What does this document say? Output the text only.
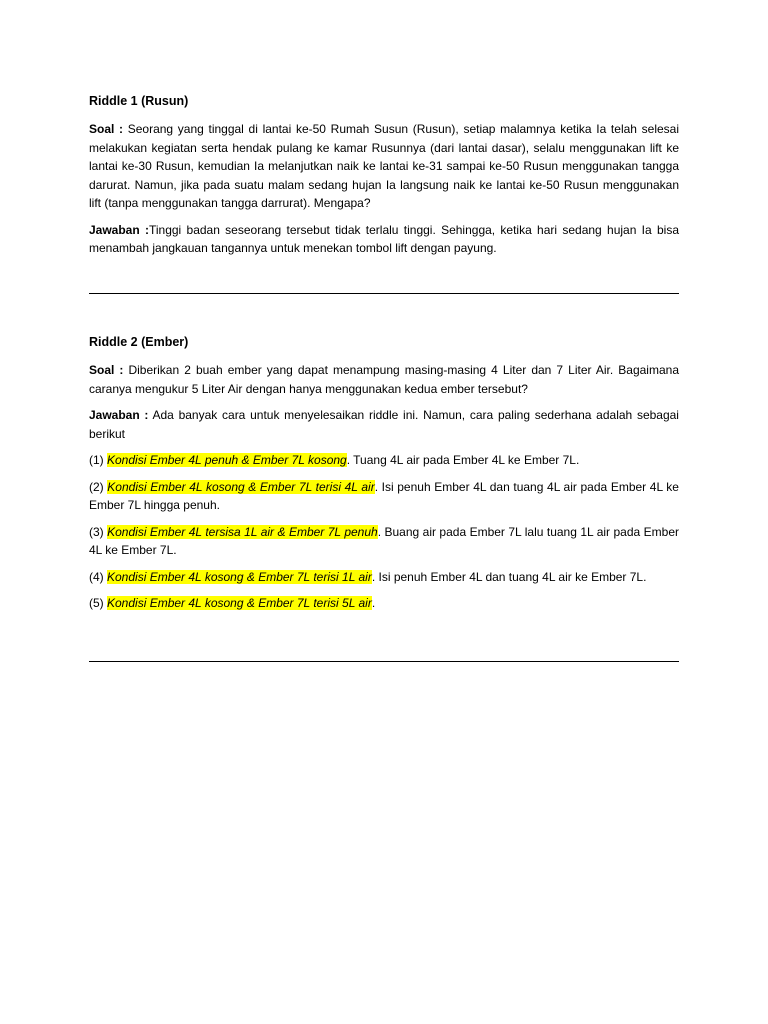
Riddle 1 (Rusun)

Soal : Seorang yang tinggal di lantai ke-50 Rumah Susun (Rusun), setiap malamnya ketika Ia telah selesai melakukan kegiatan serta hendak pulang ke kamar Rusunnya (dari lantai dasar), selalu menggunakan lift ke lantai ke-30 Rusun, kemudian Ia melanjutkan naik ke lantai ke-31 sampai ke-50 Rusun menggunakan tangga darurat. Namun, jika pada suatu malam sedang hujan Ia langsung naik ke lantai ke-50 Rusun menggunakan lift (tanpa menggunakan tangga darrurat). Mengapa?

Jawaban :Tinggi badan seseorang tersebut tidak terlalu tinggi. Sehingga, ketika hari sedang hujan Ia bisa menambah jangkauan tangannya untuk menekan tombol lift dengan payung.

Riddle 2 (Ember)

Soal : Diberikan 2 buah ember yang dapat menampung masing-masing 4 Liter dan 7 Liter Air. Bagaimana caranya mengukur 5 Liter Air dengan hanya menggunakan kedua ember tersebut?

Jawaban : Ada banyak cara untuk menyelesaikan riddle ini. Namun, cara paling sederhana adalah sebagai berikut

(1) Kondisi Ember 4L penuh & Ember 7L kosong. Tuang 4L air pada Ember 4L ke Ember 7L.

(2) Kondisi Ember 4L kosong & Ember 7L terisi 4L air. Isi penuh Ember 4L dan tuang 4L air pada Ember 4L ke Ember 7L hingga penuh.

(3) Kondisi Ember 4L tersisa 1L air & Ember 7L penuh. Buang air pada Ember 7L lalu tuang 1L air pada Ember 4L ke Ember 7L.

(4) Kondisi Ember 4L kosong & Ember 7L terisi 1L air. Isi penuh Ember 4L dan tuang 4L air ke Ember 7L.

(5) Kondisi Ember 4L kosong & Ember 7L terisi 5L air.
